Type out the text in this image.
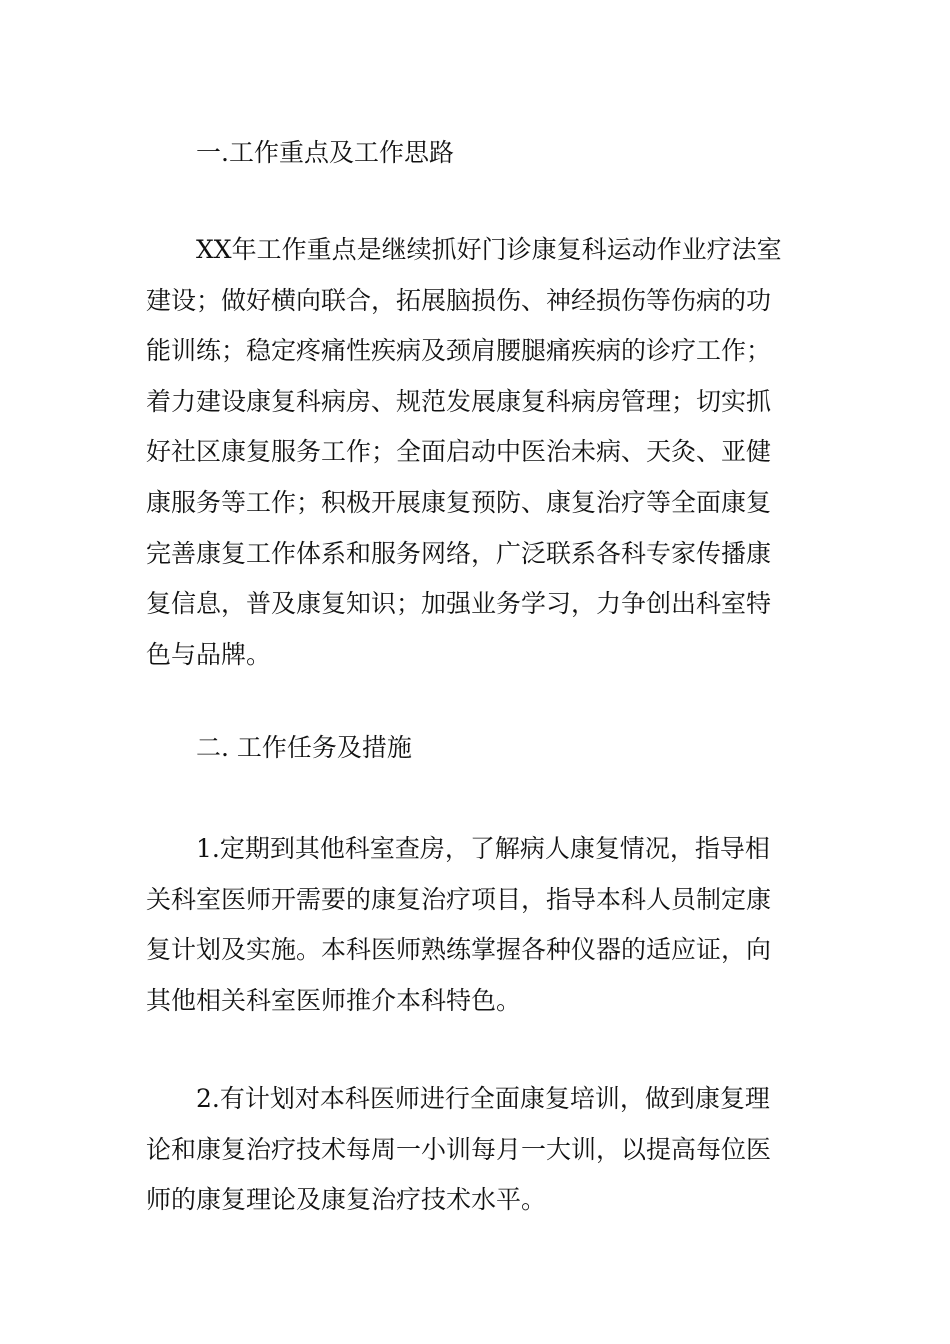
一.工作重点及工作思路
XX年工作重点是继续抓好门诊康复科运动作业疗法室
建设；做好横向联合，拓展脑损伤、神经损伤等伤病的功
能训练；稳定疼痛性疾病及颈肩腰腿痛疾病的诊疗工作；
着力建设康复科病房、规范发展康复科病房管理；切实抓
好社区康复服务工作；全面启动中医治未病、天灸、亚健
康服务等工作；积极开展康复预防、康复治疗等全面康复
完善康复工作体系和服务网络，广泛联系各科专家传播康
复信息，普及康复知识；加强业务学习，力争创出科室特
色与品牌。
二. 工作任务及措施
1.定期到其他科室查房，了解病人康复情况，指导相
关科室医师开需要的康复治疗项目，指导本科人员制定康
复计划及实施。本科医师熟练掌握各种仪器的适应证，向
其他相关科室医师推介本科特色。
2.有计划对本科医师进行全面康复培训，做到康复理
论和康复治疗技术每周一小训每月一大训，以提高每位医
师的康复理论及康复治疗技术水平。
